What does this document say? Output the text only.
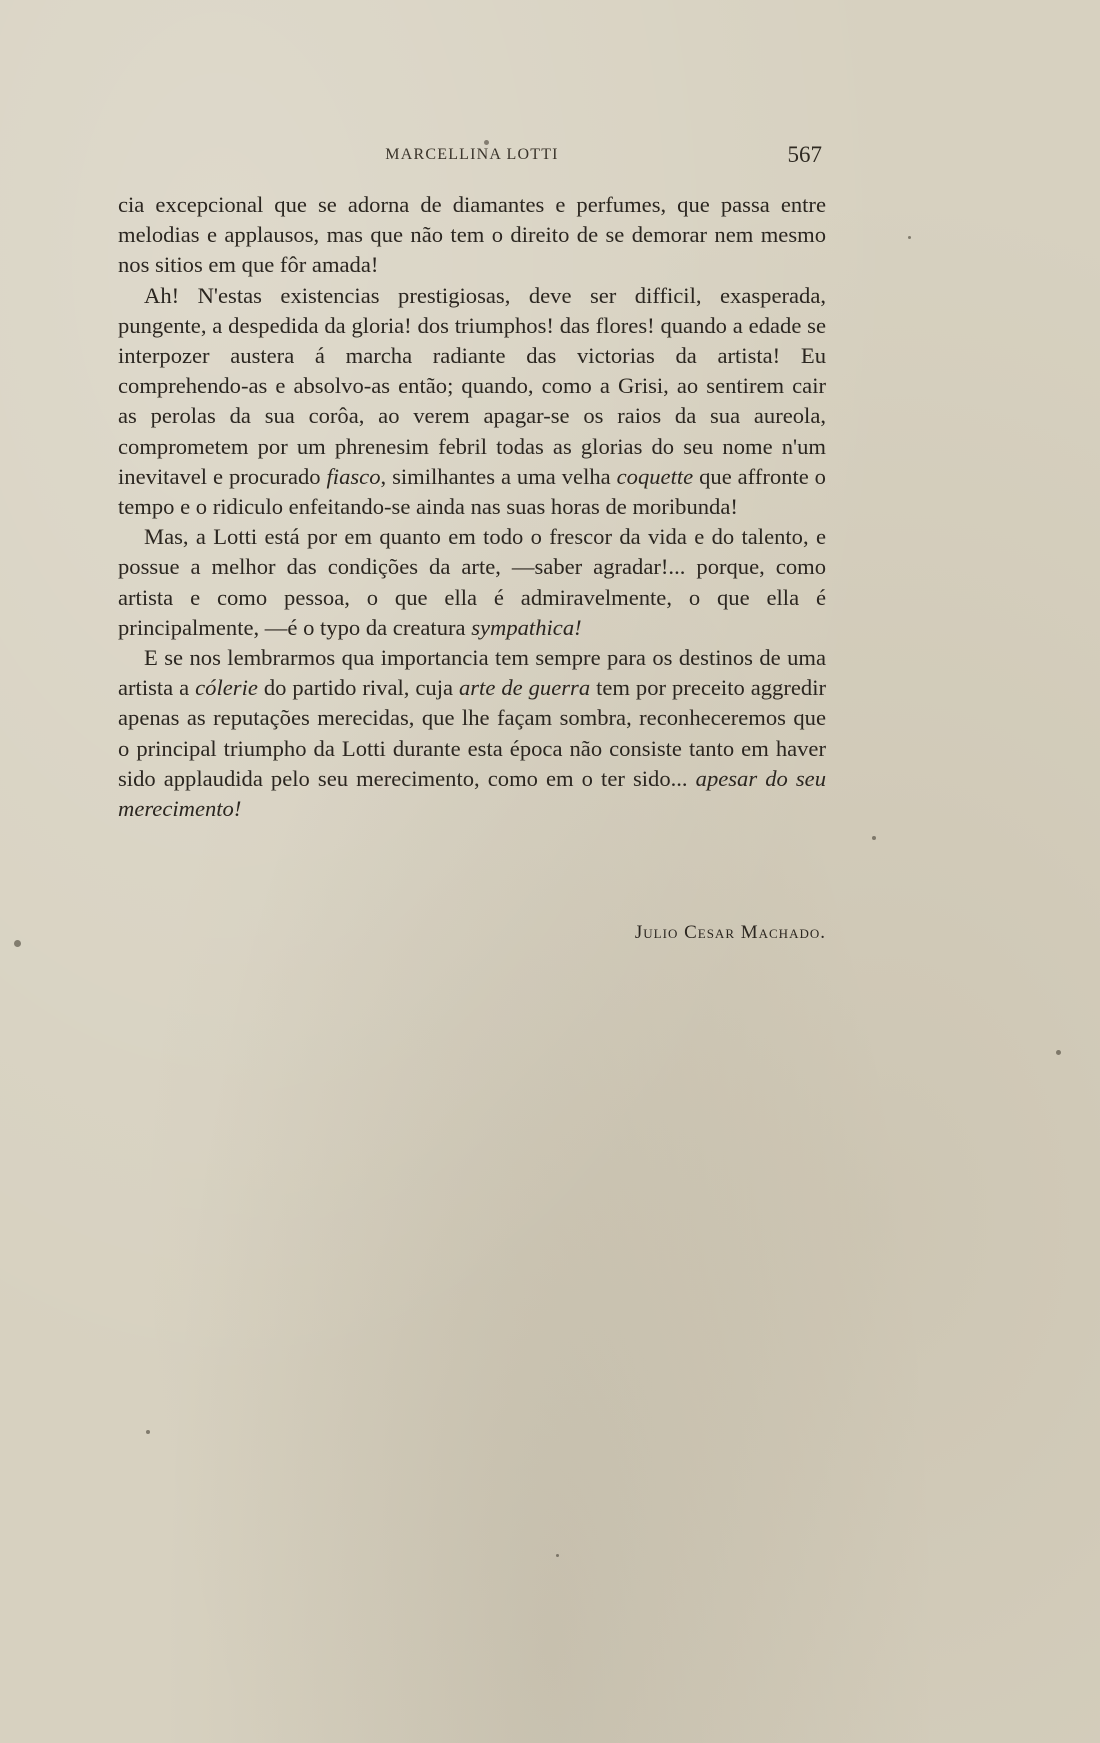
MARCELLINA LOTTI	567

cia excepcional que se adorna de diamantes e perfumes, que passa entre melodias e applausos, mas que não tem o direito de se demorar nem mesmo nos sitios em que fôr amada!

Ah! N'estas existencias prestigiosas, deve ser difficil, exasperada, pungente, a despedida da gloria! dos triumphos! das flores! quando a edade se interpozer austera á marcha radiante das victorias da artista! Eu comprehendo-as e absolvo-as então; quando, como a Grisi, ao sentirem cair as perolas da sua corôa, ao verem apagar-se os raios da sua aureola, comprometem por um phrenesim febril todas as glorias do seu nome n'um inevitavel e procurado fiasco, similhantes a uma velha coquette que affronte o tempo e o ridiculo enfeitando-se ainda nas suas horas de moribunda!

Mas, a Lotti está por em quanto em todo o frescor da vida e do talento, e possue a melhor das condições da arte, —saber agradar!... porque, como artista e como pessoa, o que ella é admiravelmente, o que ella é principalmente, —é o typo da creatura sympathica!

E se nos lembrarmos qua importancia tem sempre para os destinos de uma artista a cólerie do partido rival, cuja arte de guerra tem por preceito aggredir apenas as reputações merecidas, que lhe façam sombra, reconheceremos que o principal triumpho da Lotti durante esta época não consiste tanto em haver sido applaudida pelo seu merecimento, como em o ter sido... apesar do seu merecimento!

Julio Cesar Machado.
